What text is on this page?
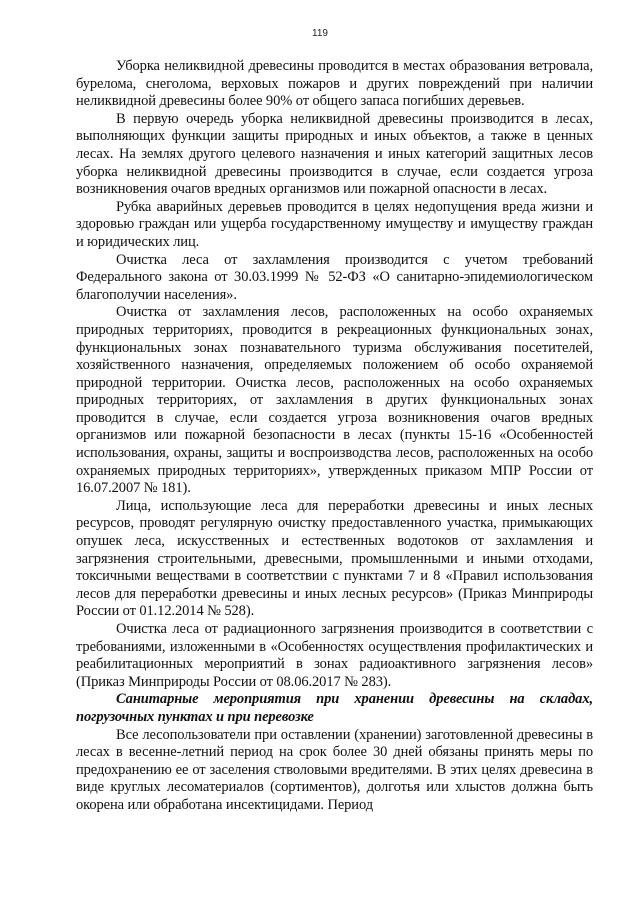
119

Уборка неликвидной древесины проводится в местах образования ветровала, бурелома, снеголома, верховых пожаров и других повреждений при наличии неликвидной древесины более 90% от общего запаса погибших деревьев.

В первую очередь уборка неликвидной древесины производится в лесах, выполняющих функции защиты природных и иных объектов, а также в ценных лесах. На землях другого целевого назначения и иных категорий защитных лесов уборка неликвидной древесины производится в случае, если создается угроза возникновения очагов вредных организмов или пожарной опасности в лесах.

Рубка аварийных деревьев проводится в целях недопущения вреда жизни и здоровью граждан или ущерба государственному имуществу и имуществу граждан и юридических лиц.

Очистка леса от захламления производится с учетом требований Федерального закона от 30.03.1999 № 52-ФЗ «О санитарно-эпидемиологическом благополучии населения».

Очистка от захламления лесов, расположенных на особо охраняемых природных территориях, проводится в рекреационных функциональных зонах, функциональных зонах познавательного туризма обслуживания посетителей, хозяйственного назначения, определяемых положением об особо охраняемой природной территории. Очистка лесов, расположенных на особо охраняемых природных территориях, от захламления в других функциональных зонах проводится в случае, если создается угроза возникновения очагов вредных организмов или пожарной безопасности в лесах (пункты 15-16 «Особенностей использования, охраны, защиты и воспроизводства лесов, расположенных на особо охраняемых природных территориях», утвержденных приказом МПР России от 16.07.2007 № 181).

Лица, использующие леса для переработки древесины и иных лесных ресурсов, проводят регулярную очистку предоставленного участка, примыкающих опушек леса, искусственных и естественных водотоков от захламления и загрязнения строительными, древесными, промышленными и иными отходами, токсичными веществами в соответствии с пунктами 7 и 8 «Правил использования лесов для переработки древесины и иных лесных ресурсов» (Приказ Минприроды России от 01.12.2014 № 528).

Очистка леса от радиационного загрязнения производится в соответствии с требованиями, изложенными в «Особенностях осуществления профилактических и реабилитационных мероприятий в зонах радиоактивного загрязнения лесов» (Приказ Минприроды России от 08.06.2017 № 283).

Санитарные мероприятия при хранении древесины на складах, погрузочных пунктах и при перевозке

Все лесопользователи при оставлении (хранении) заготовленной древесины в лесах в весенне-летний период на срок более 30 дней обязаны принять меры по предохранению ее от заселения стволовыми вредителями. В этих целях древесина в виде круглых лесоматериалов (сортиментов), долготья или хлыстов должна быть окорена или обработана инсектицидами. Период
